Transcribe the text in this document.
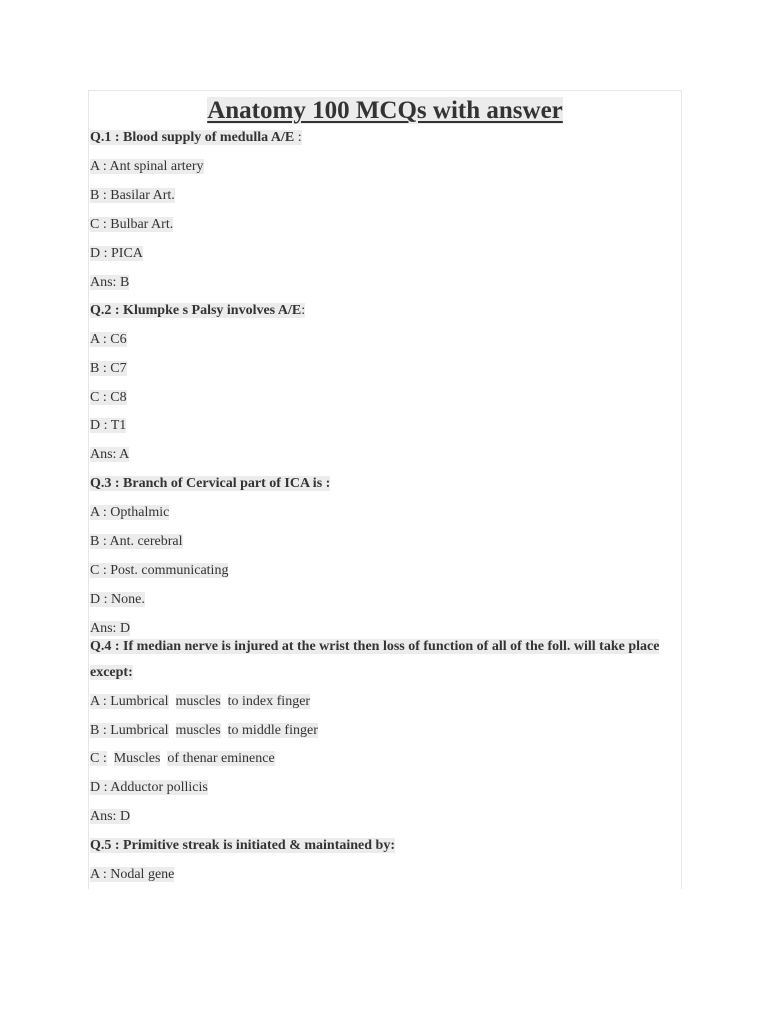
Anatomy 100 MCQs with answer
Q.1 : Blood supply of medulla A/E :
A : Ant spinal artery
B : Basilar Art.
C : Bulbar Art.
D : PICA
Ans: B
Q.2 : Klumpke s Palsy involves A/E:
A : C6
B : C7
C : C8
D : T1
Ans: A
Q.3 : Branch of Cervical part of ICA is :
A : Opthalmic
B : Ant. cerebral
C : Post. communicating
D : None.
Ans: D
Q.4 : If median nerve is injured at the wrist then loss of function of all of the foll. will take place except:
A : Lumbrical muscles to index finger
B : Lumbrical muscles to middle finger
C : Muscles of thenar eminence
D : Adductor pollicis
Ans: D
Q.5 : Primitive streak is initiated & maintained by:
A : Nodal gene
